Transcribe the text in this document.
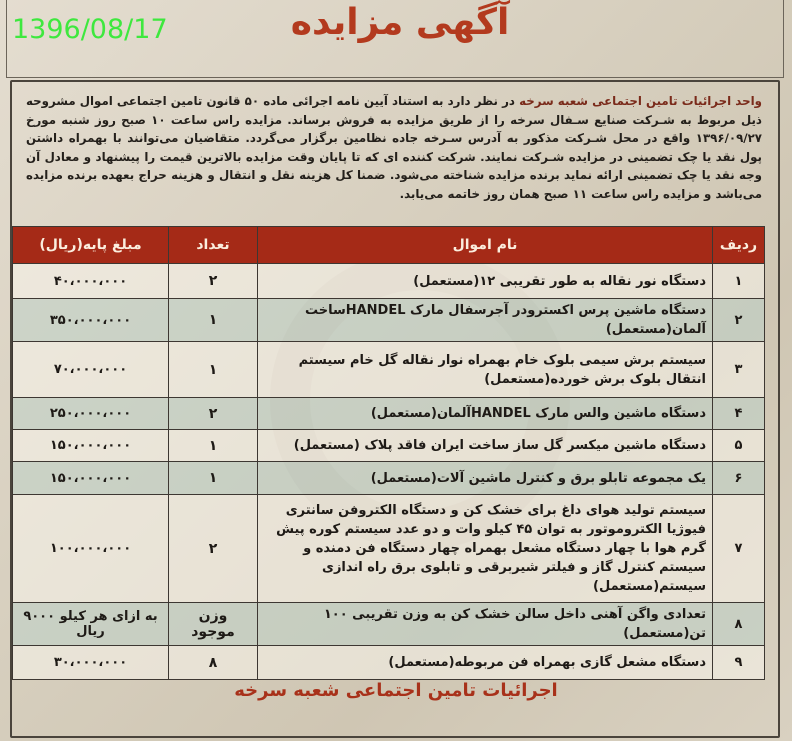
1396/08/17	آگهی مزایده
واحد اجرائیات تامین اجتماعی شعبه سرخه در نظر دارد به استناد آیین نامه اجرائی ماده ۵۰ قانون تامین اجتماعی اموال مشروحه ذیل مربوط به شـرکت صنایع سـفال سرخه را از طریق مزایده به فروش برساند. مزایده راس ساعت ۱۰ صبح روز شنبه مورخ ۱۳۹۶/۰۹/۲۷ واقع در محل شـرکت مذکور به آدرس سـرخه جاده نظامین برگزار می‌گردد. متقاضیان می‌توانند با بهمراه داشتن پول نقد یا چک تضمینی در مزایده شـرکت نمایند. شرکت کننده ای که تا پایان وقت مزایده بالاترین قیمت را پیشنهاد و معادل آن وجه نقد یا چک تضمینی ارائه نماید برنده مزایده شناخته می‌شود. ضمنا کل هزینه نقل و انتقال و هزینه حراج بعهده برنده مزایده می‌باشد و مزایده راس ساعت ۱۱ صبح همان روز خاتمه می‌یابد.
ردیف	نام اموال	تعداد	مبلغ پایه(ریال)
۱	دستگاه نور نقاله به طور تقریبی ۱۲(مستعمل)	۲	۴۰،۰۰۰،۰۰۰
۲	دستگاه ماشین پرس اکسترودر آجرسفال مارک HANDELساخت آلمان(مستعمل)	۱	۳۵۰،۰۰۰،۰۰۰
۳	سیستم برش سیمی بلوک خام بهمراه نوار نقاله گل خام سیستم انتقال بلوک برش خورده(مستعمل)	۱	۷۰،۰۰۰،۰۰۰
۴	دستگاه ماشین والس مارک HANDELآلمان(مستعمل)	۲	۲۵۰،۰۰۰،۰۰۰
۵	دستگاه ماشین میکسر گل ساز ساخت ایران فاقد پلاک (مستعمل)	۱	۱۵۰،۰۰۰،۰۰۰
۶	یک مجموعه تابلو برق و کنترل ماشین آلات(مستعمل)	۱	۱۵۰،۰۰۰،۰۰۰
۷	سیستم تولید هوای داغ برای خشک کن و دستگاه الکتروفن سانتری فیوژیا الکتروموتور به توان ۴۵ کیلو وات و دو عدد سیستم کوره پیش گرم هوا با چهار دستگاه مشعل بهمراه چهار دستگاه فن دمنده و سیستم کنترل گاز و فیلتر شیربرقی و تابلوی برق راه اندازی سیستم(مستعمل)	۲	۱۰۰،۰۰۰،۰۰۰
۸	تعدادی واگن آهنی داخل سالن خشک کن به وزن تقریبی ۱۰۰ تن(مستعمل)	وزن موجود	به ازای هر کیلو ۹۰۰۰ ریال
۹	دستگاه مشعل گازی بهمراه فن مربوطه(مستعمل)	۸	۳۰،۰۰۰،۰۰۰
اجرائیات تامین اجتماعی شعبه سرخه
